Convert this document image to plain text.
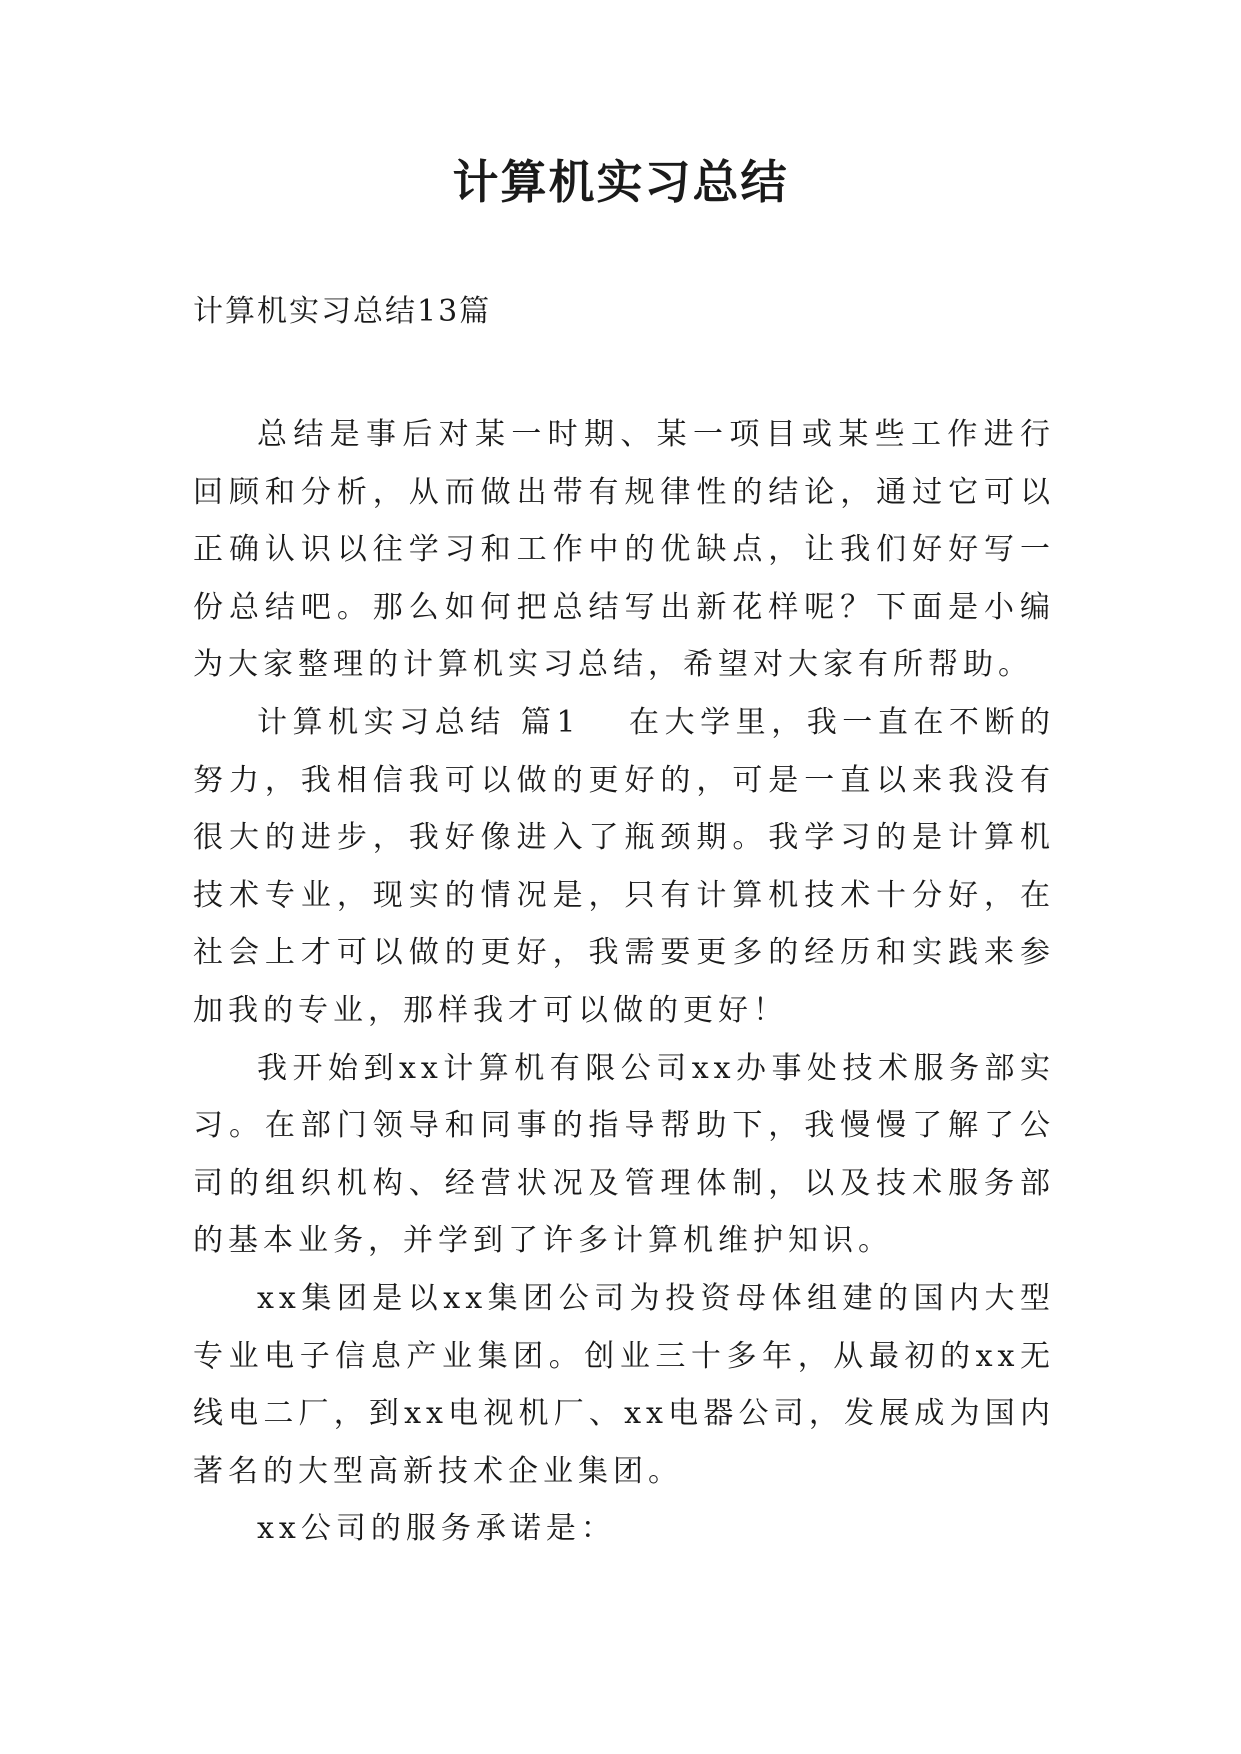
计算机实习总结

计算机实习总结13篇

总结是事后对某一时期、某一项目或某些工作进行回顾和分析，从而做出带有规律性的结论，通过它可以正确认识以往学习和工作中的优缺点，让我们好好写一份总结吧。那么如何把总结写出新花样呢？下面是小编为大家整理的计算机实习总结，希望对大家有所帮助。

计算机实习总结 篇1 在大学里，我一直在不断的努力，我相信我可以做的更好的，可是一直以来我没有很大的进步，我好像进入了瓶颈期。我学习的是计算机技术专业，现实的情况是，只有计算机技术十分好，在社会上才可以做的更好，我需要更多的经历和实践来参加我的专业，那样我才可以做的更好！

我开始到xx计算机有限公司xx办事处技术服务部实习。在部门领导和同事的指导帮助下，我慢慢了解了公司的组织机构、经营状况及管理体制，以及技术服务部的基本业务，并学到了许多计算机维护知识。

xx集团是以xx集团公司为投资母体组建的国内大型专业电子信息产业集团。创业三十多年，从最初的xx无线电二厂，到xx电视机厂、xx电器公司，发展成为国内著名的大型高新技术企业集团。

xx公司的服务承诺是：
